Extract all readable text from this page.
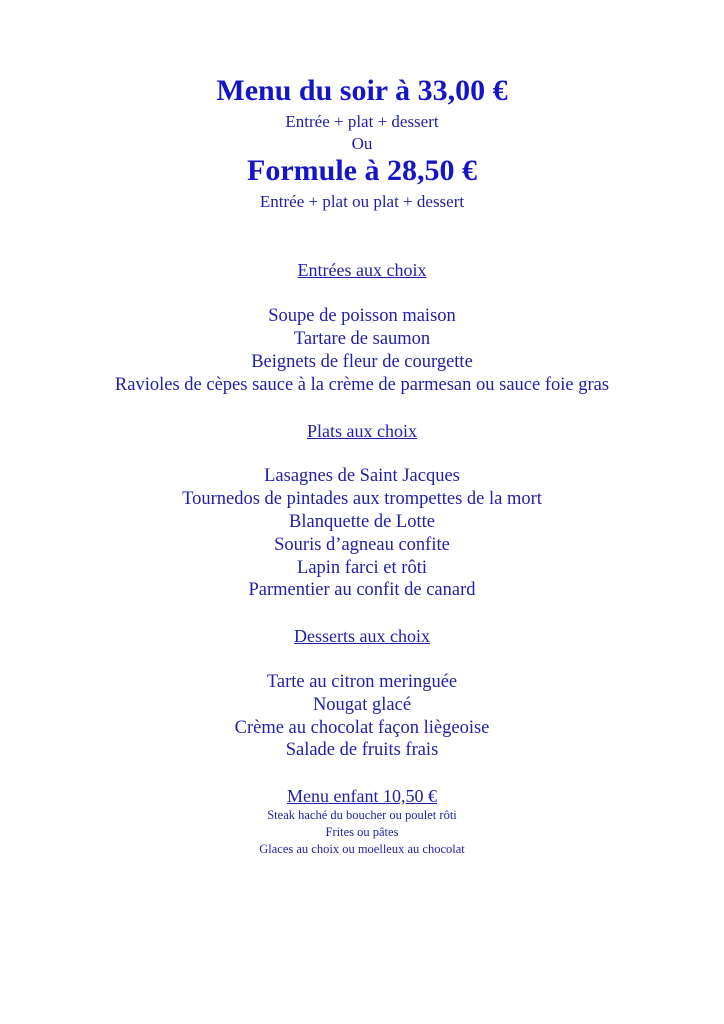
Menu du soir à 33,00 €
Entrée + plat + dessert
Ou
Formule à 28,50 €
Entrée + plat ou plat + dessert
Entrées aux choix
Soupe de poisson maison
Tartare de saumon
Beignets de fleur de courgette
Ravioles de cèpes sauce à la crème de parmesan ou sauce foie gras
Plats aux choix
Lasagnes de Saint Jacques
Tournedos de pintades aux trompettes de la mort
Blanquette de Lotte
Souris d’agneau confite
Lapin farci et rôti
Parmentier au confit de canard
Desserts aux choix
Tarte au citron meringuée
Nougat glacé
Crème au chocolat façon liègeoise
Salade de fruits frais
Menu enfant 10,50 €
Steak haché du boucher ou poulet rôti
Frites ou pâtes
Glaces au choix ou moelleux au chocolat
